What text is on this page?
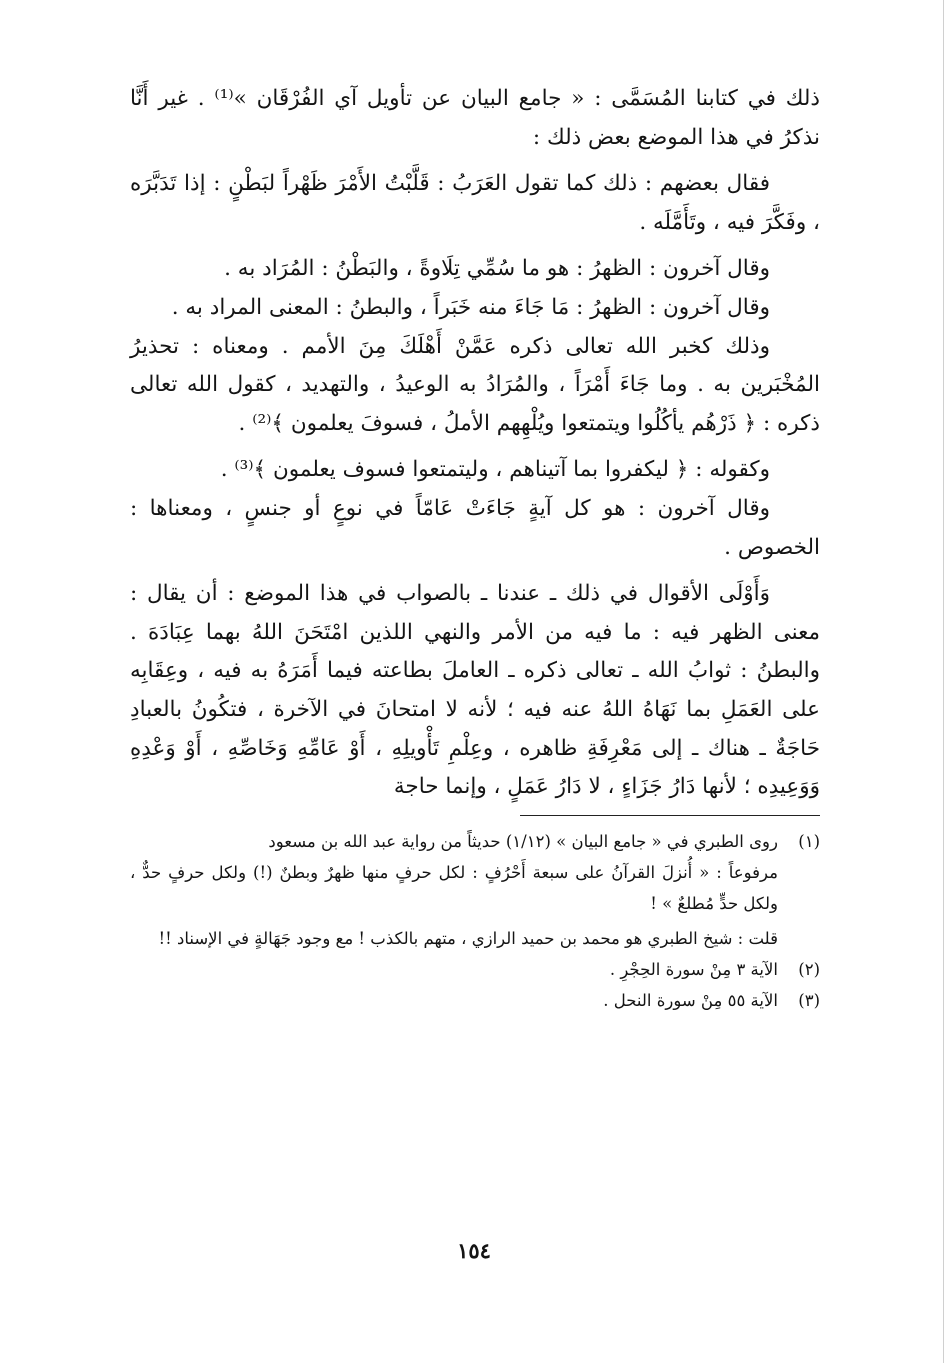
ذلك في كتابنا المُسَمَّى : « جامع البيان عن تأويل آي الفُرْقَان »⁽¹⁾ . غير أَنَّا نذكرُ في هذا الموضع بعض ذلك :

فقال بعضهم : ذلك كما تقول العَرَبُ : قَلَّبْتُ الأَمْرَ ظَهْراً لبَطْنٍ : إذا تَدَبَّرَه ، وفَكَّرَ فيه ، وتَأَمَّلَه .

وقال آخرون : الظهرُ : هو ما سُمِّي تِلَاوةً ، والبَطْنُ : المُرَاد به .

وقال آخرون : الظهرُ : مَا جَاءَ منه خَبَراً ، والبطنُ : المعنى المراد به .

وذلك كخبر الله تعالى ذكره عَمَّنْ أَهْلَكَ مِنَ الأمم . ومعناه : تحذيرُ المُخْبَرين به . وما جَاءَ أَمْرَاً ، والمُرَادُ به الوعيدُ ، والتهديد ، كقول الله تعالى ذكره : ﴿ ذَرْهُم يأكُلُوا ويتمتعوا ويُلْهِهم الأملُ ، فسوفَ يعلمون ﴾⁽²⁾ .

وكقوله : ﴿ ليكفروا بما آتيناهم ، وليتمتعوا فسوف يعلمون ﴾⁽³⁾ .

وقال آخرون : هو كل آيةٍ جَاءَتْ عَامّاً في نوعٍ أو جنسٍ ، ومعناها : الخصوص .

وَأَوْلَى الأقوال في ذلك ـ عندنا ـ بالصواب في هذا الموضع : أن يقال : معنى الظهر فيه : ما فيه من الأمر والنهي اللذين امْتَحَنَ اللهُ بهما عِبَادَهَ . والبطنُ : ثوابُ الله ـ تعالى ذكره ـ العاملَ بطاعته فيما أَمَرَهُ به فيه ، وعِقَابِه على العَمَلِ بما نَهَاهُ اللهُ عنه فيه ؛ لأنه لا امتحانَ في الآخرة ، فتكُونُ بالعبادِ حَاجَةٌ ـ هناك ـ إلى مَعْرِفَةِ ظاهره ، وعِلْمِ تَأْويلِهِ ، أَوْ عَامِّهِ وَخَاصِّهِ ، أَوْ وَعْدِهِ وَوَعِيدِه ؛ لأنها دَارُ جَزَاءٍ ، لا دَارُ عَمَلٍ ، وإنما حاجة

(١)روى الطبري في « جامع البيان » (١/١٢) حديثاً من رواية عبد الله بن مسعود

مرفوعاً : « أُنزلَ القرآنُ على سبعة أَحْرُفٍ : لكل حرفٍ منها ظهرٌ وبطنٌ (!) ولكل حرفٍ حدٌّ ، ولكل حدٍّ مُطلعٌ » !

قلت : شيخ الطبري هو محمد بن حميد الرازي ، متهم بالكذب ! مع وجود جَهَالةٍ في الإسناد !!

(٢)الآية ٣ مِنْ سورة الحِجْرِ .

(٣)الآية ٥٥ مِنْ سورة النحل .

١٥٤
